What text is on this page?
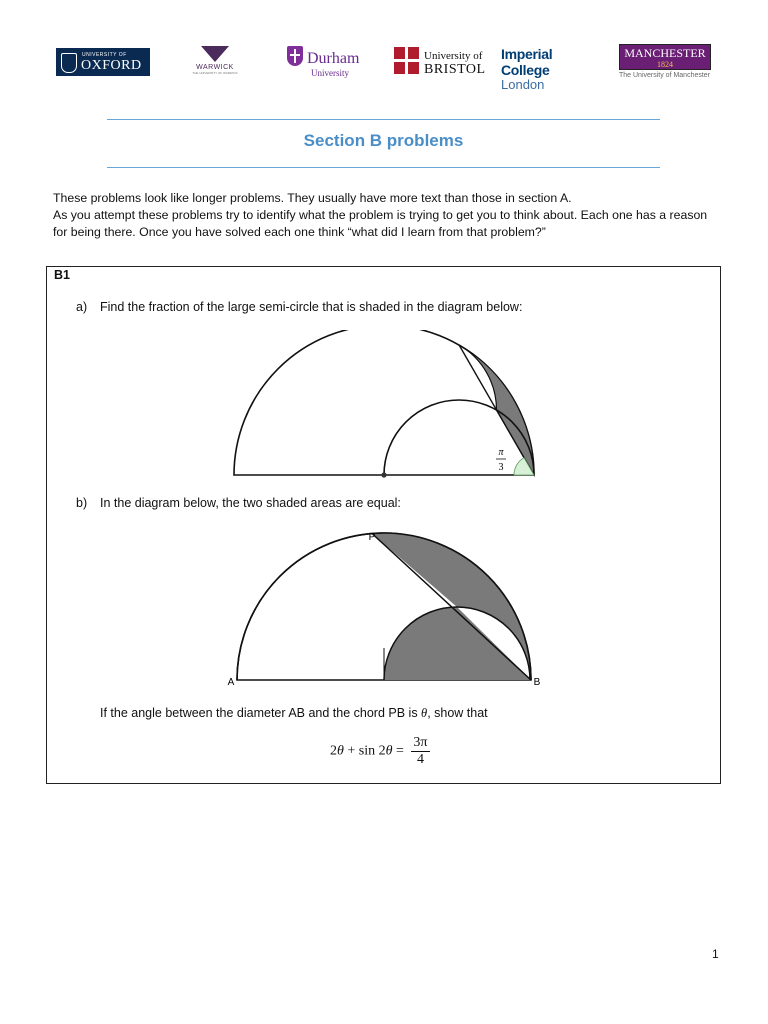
UNIVERSITY OF
OXFORD	WARWICK
THE UNIVERSITY OF WARWICK
Durham
University
University of
BRISTOL
Imperial College
London
MANCHESTER
1824
The University of Manchester
Section B problems

These problems look like longer problems. They usually have more text than those in section A.

As you attempt these problems try to identify what the problem is trying to get you to think about. Each one has a reason for being there. Once you have solved each one think “what did I learn from that problem?”

B1
a) Find the fraction of the large semi-circle that is shaded in the diagram below:
π
3
b) In the diagram below, the two shaded areas are equal:
P
A	B
If the angle between the diameter AB and the chord PB is θ, show that
$2\theta + \sin 2\theta = \frac{3\pi}{4}$
1
